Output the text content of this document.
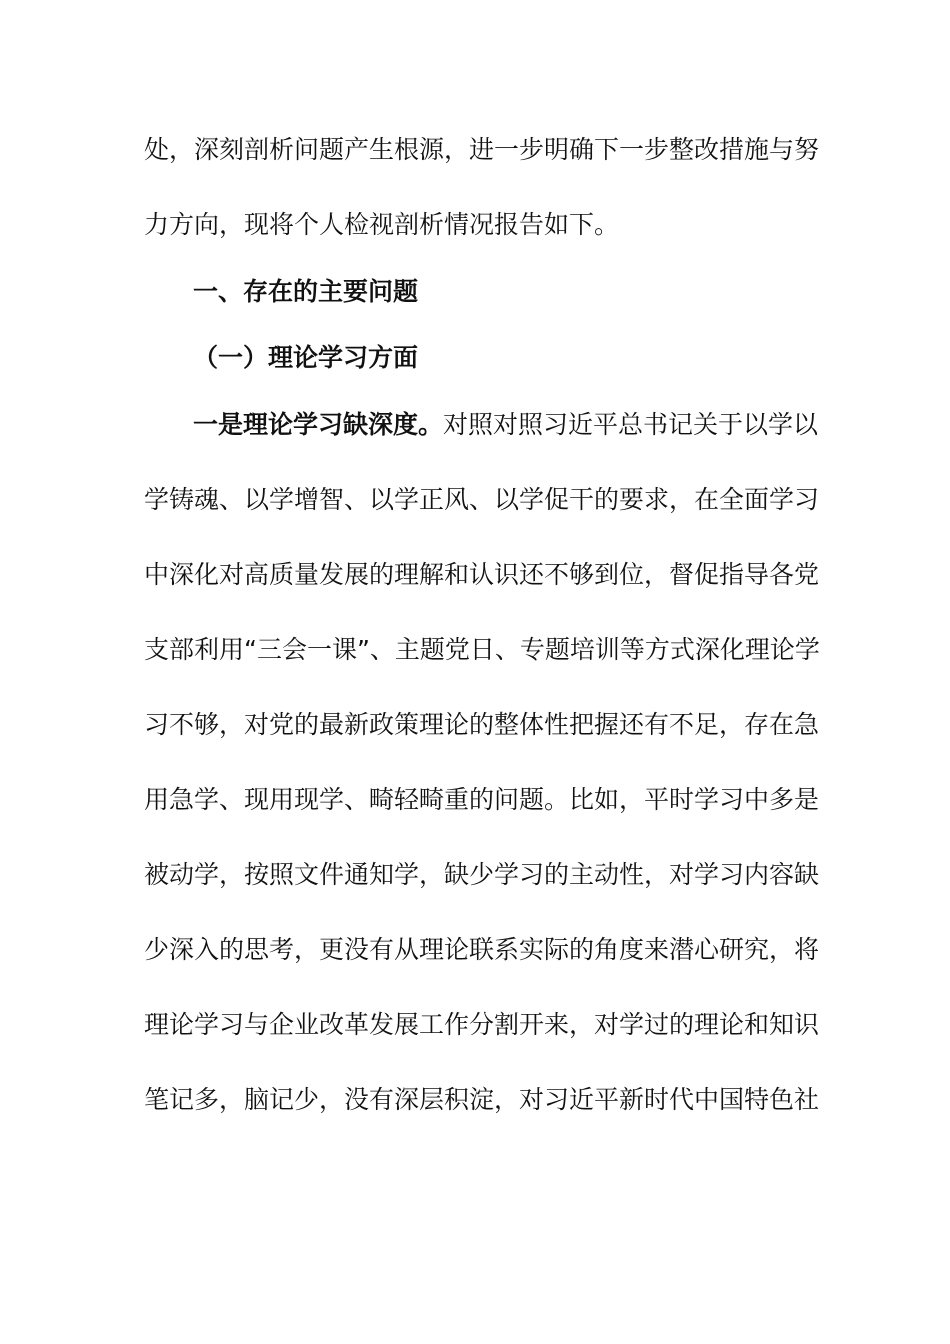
处，深刻剖析问题产生根源，进一步明确下一步整改措施与努
力方向，现将个人检视剖析情况报告如下。
一、存在的主要问题
（一）理论学习方面
一是理论学习缺深度。对照对照习近平总书记关于以学以
学铸魂、以学增智、以学正风、以学促干的要求，在全面学习
中深化对高质量发展的理解和认识还不够到位，督促指导各党
支部利用“三会一课”、主题党日、专题培训等方式深化理论学
习不够，对党的最新政策理论的整体性把握还有不足，存在急
用急学、现用现学、畸轻畸重的问题。比如，平时学习中多是
被动学，按照文件通知学，缺少学习的主动性，对学习内容缺
少深入的思考，更没有从理论联系实际的角度来潜心研究，将
理论学习与企业改革发展工作分割开来，对学过的理论和知识
笔记多，脑记少，没有深层积淀，对习近平新时代中国特色社
